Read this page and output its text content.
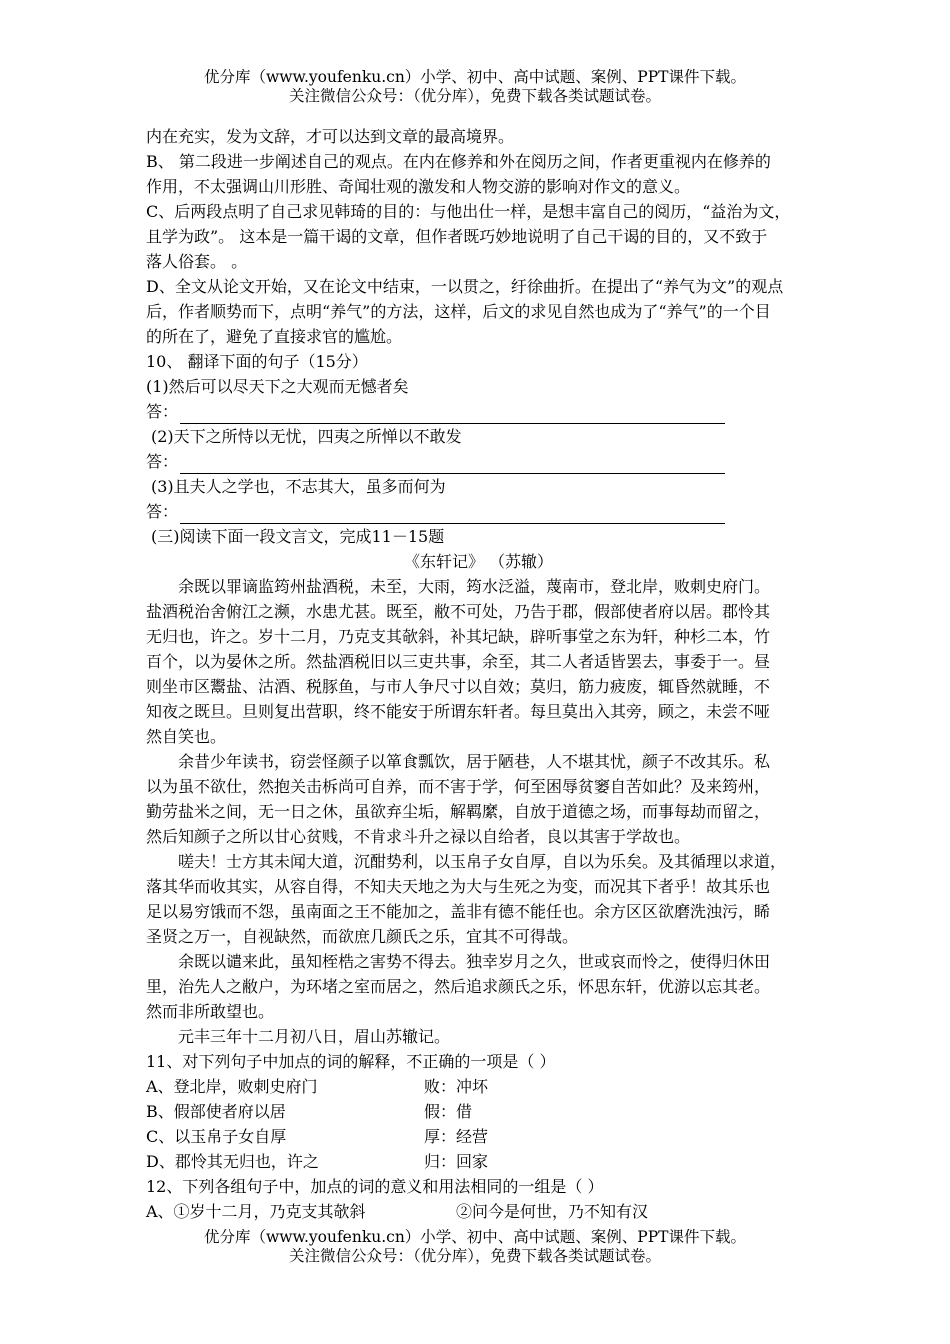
优分库（www.youfenku.cn）小学、初中、高中试题、案例、PPT课件下载。
关注微信公众号：（优分库），免费下载各类试题试卷。
内在充实，发为文辞，才可以达到文章的最高境界。
B、 第二段进一步阐述自己的观点。在内在修养和外在阅历之间，作者更重视内在修养的
作用，不太强调山川形胜、奇闻壮观的激发和人物交游的影响对作文的意义。
C、后两段点明了自己求见韩琦的目的：与他出仕一样，是想丰富自己的阅历，“益治为文，
且学为政”。 这本是一篇干谒的文章，但作者既巧妙地说明了自己干谒的目的，又不致于
落人俗套。 。
D、全文从论文开始，又在论文中结束，一以贯之，纡徐曲折。在提出了“养气为文”的观点
后，作者顺势而下，点明“养气”的方法，这样，后文的求见自然也成为了“养气”的一个目
的所在了，避免了直接求官的尴尬。
10、 翻译下面的句子（15分）
(1)然后可以尽天下之大观而无憾者矣
答：
(2)天下之所恃以无忧，四夷之所惮以不敢发
答：
(3)且夫人之学也，不志其大，虽多而何为
答：
(三)阅读下面一段文言文，完成11－15题
《东轩记》 （苏辙）
余既以罪谪监筠州盐酒税，未至，大雨，筠水泛溢，蔑南市，登北岸，败刺史府门。
盐酒税治舍俯江之濒，水患尤甚。既至，敝不可处，乃告于郡，假部使者府以居。郡怜其
无归也，许之。岁十二月，乃克支其欹斜，补其圮缺，辟听事堂之东为轩，种杉二本，竹
百个，以为晏休之所。然盐酒税旧以三吏共事，余至，其二人者适皆罢去，事委于一。昼
则坐市区鬻盐、沽酒、税豚鱼，与市人争尺寸以自效；莫归，筋力疲废，辄昏然就睡，不
知夜之既旦。旦则复出营职，终不能安于所谓东轩者。每旦莫出入其旁，顾之，未尝不哑
然自笑也。
余昔少年读书，窃尝怪颜子以箪食瓢饮，居于陋巷，人不堪其忧，颜子不改其乐。私
以为虽不欲仕，然抱关击柝尚可自养，而不害于学，何至困辱贫窭自苦如此？及来筠州，
勤劳盐米之间，无一日之休，虽欲弃尘垢，解羁縻，自放于道德之场，而事每劫而留之，
然后知颜子之所以甘心贫贱，不肯求斗升之禄以自给者，良以其害于学故也。
嗟夫！士方其未闻大道，沉酣势利，以玉帛子女自厚，自以为乐矣。及其循理以求道，
落其华而收其实，从容自得，不知夫天地之为大与生死之为变，而况其下者乎！故其乐也
足以易穷饿而不怨，虽南面之王不能加之，盖非有德不能任也。余方区区欲磨洗浊污，睎
圣贤之万一，自视缺然，而欲庶几颜氏之乐，宜其不可得哉。
余既以谴来此，虽知桎梏之害势不得去。独幸岁月之久，世或哀而怜之，使得归休田
里，治先人之敝户，为环堵之室而居之，然后追求颜氏之乐，怀思东轩，优游以忘其老。
然而非所敢望也。
元丰三年十二月初八日，眉山苏辙记。
11、对下列句子中加点的词的解释，不正确的一项是（ ）
A、登北岸，败刺史府门	败：冲坏
B、假部使者府以居	假：借
C、以玉帛子女自厚	厚：经营
D、郡怜其无归也，许之	归：回家
12、下列各组句子中，加点的词的意义和用法相同的一组是（ ）
A、①岁十二月，乃克支其欹斜	②问今是何世，乃不知有汉
优分库（www.youfenku.cn）小学、初中、高中试题、案例、PPT课件下载。
关注微信公众号：（优分库），免费下载各类试题试卷。
